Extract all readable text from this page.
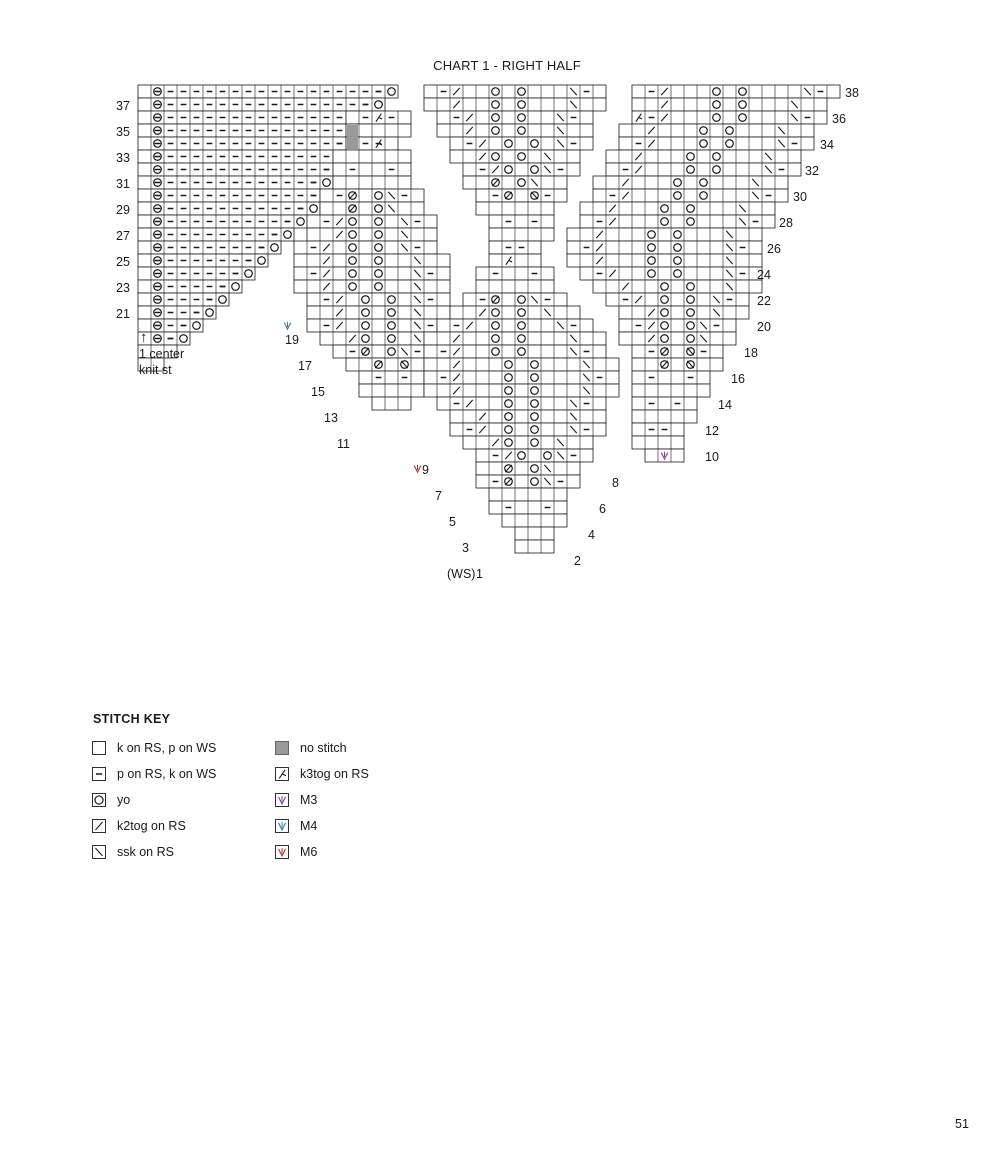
CHART 1 - RIGHT HALF
1
2
3
4
5
6
7
8
9
10
11
12
13
14
15
16
17
18
19
20
21
22
23
24
25
26
27
28
29
30
31
32
33
34
35
36
37
38
(WS)
↑
1 center
knit st
STITCH KEY
k on RS, p on WS
p on RS, k on WS
yo
k2tog on RS
ssk on RS
no stitch
k3tog on RS
M3
M4
M6
51
